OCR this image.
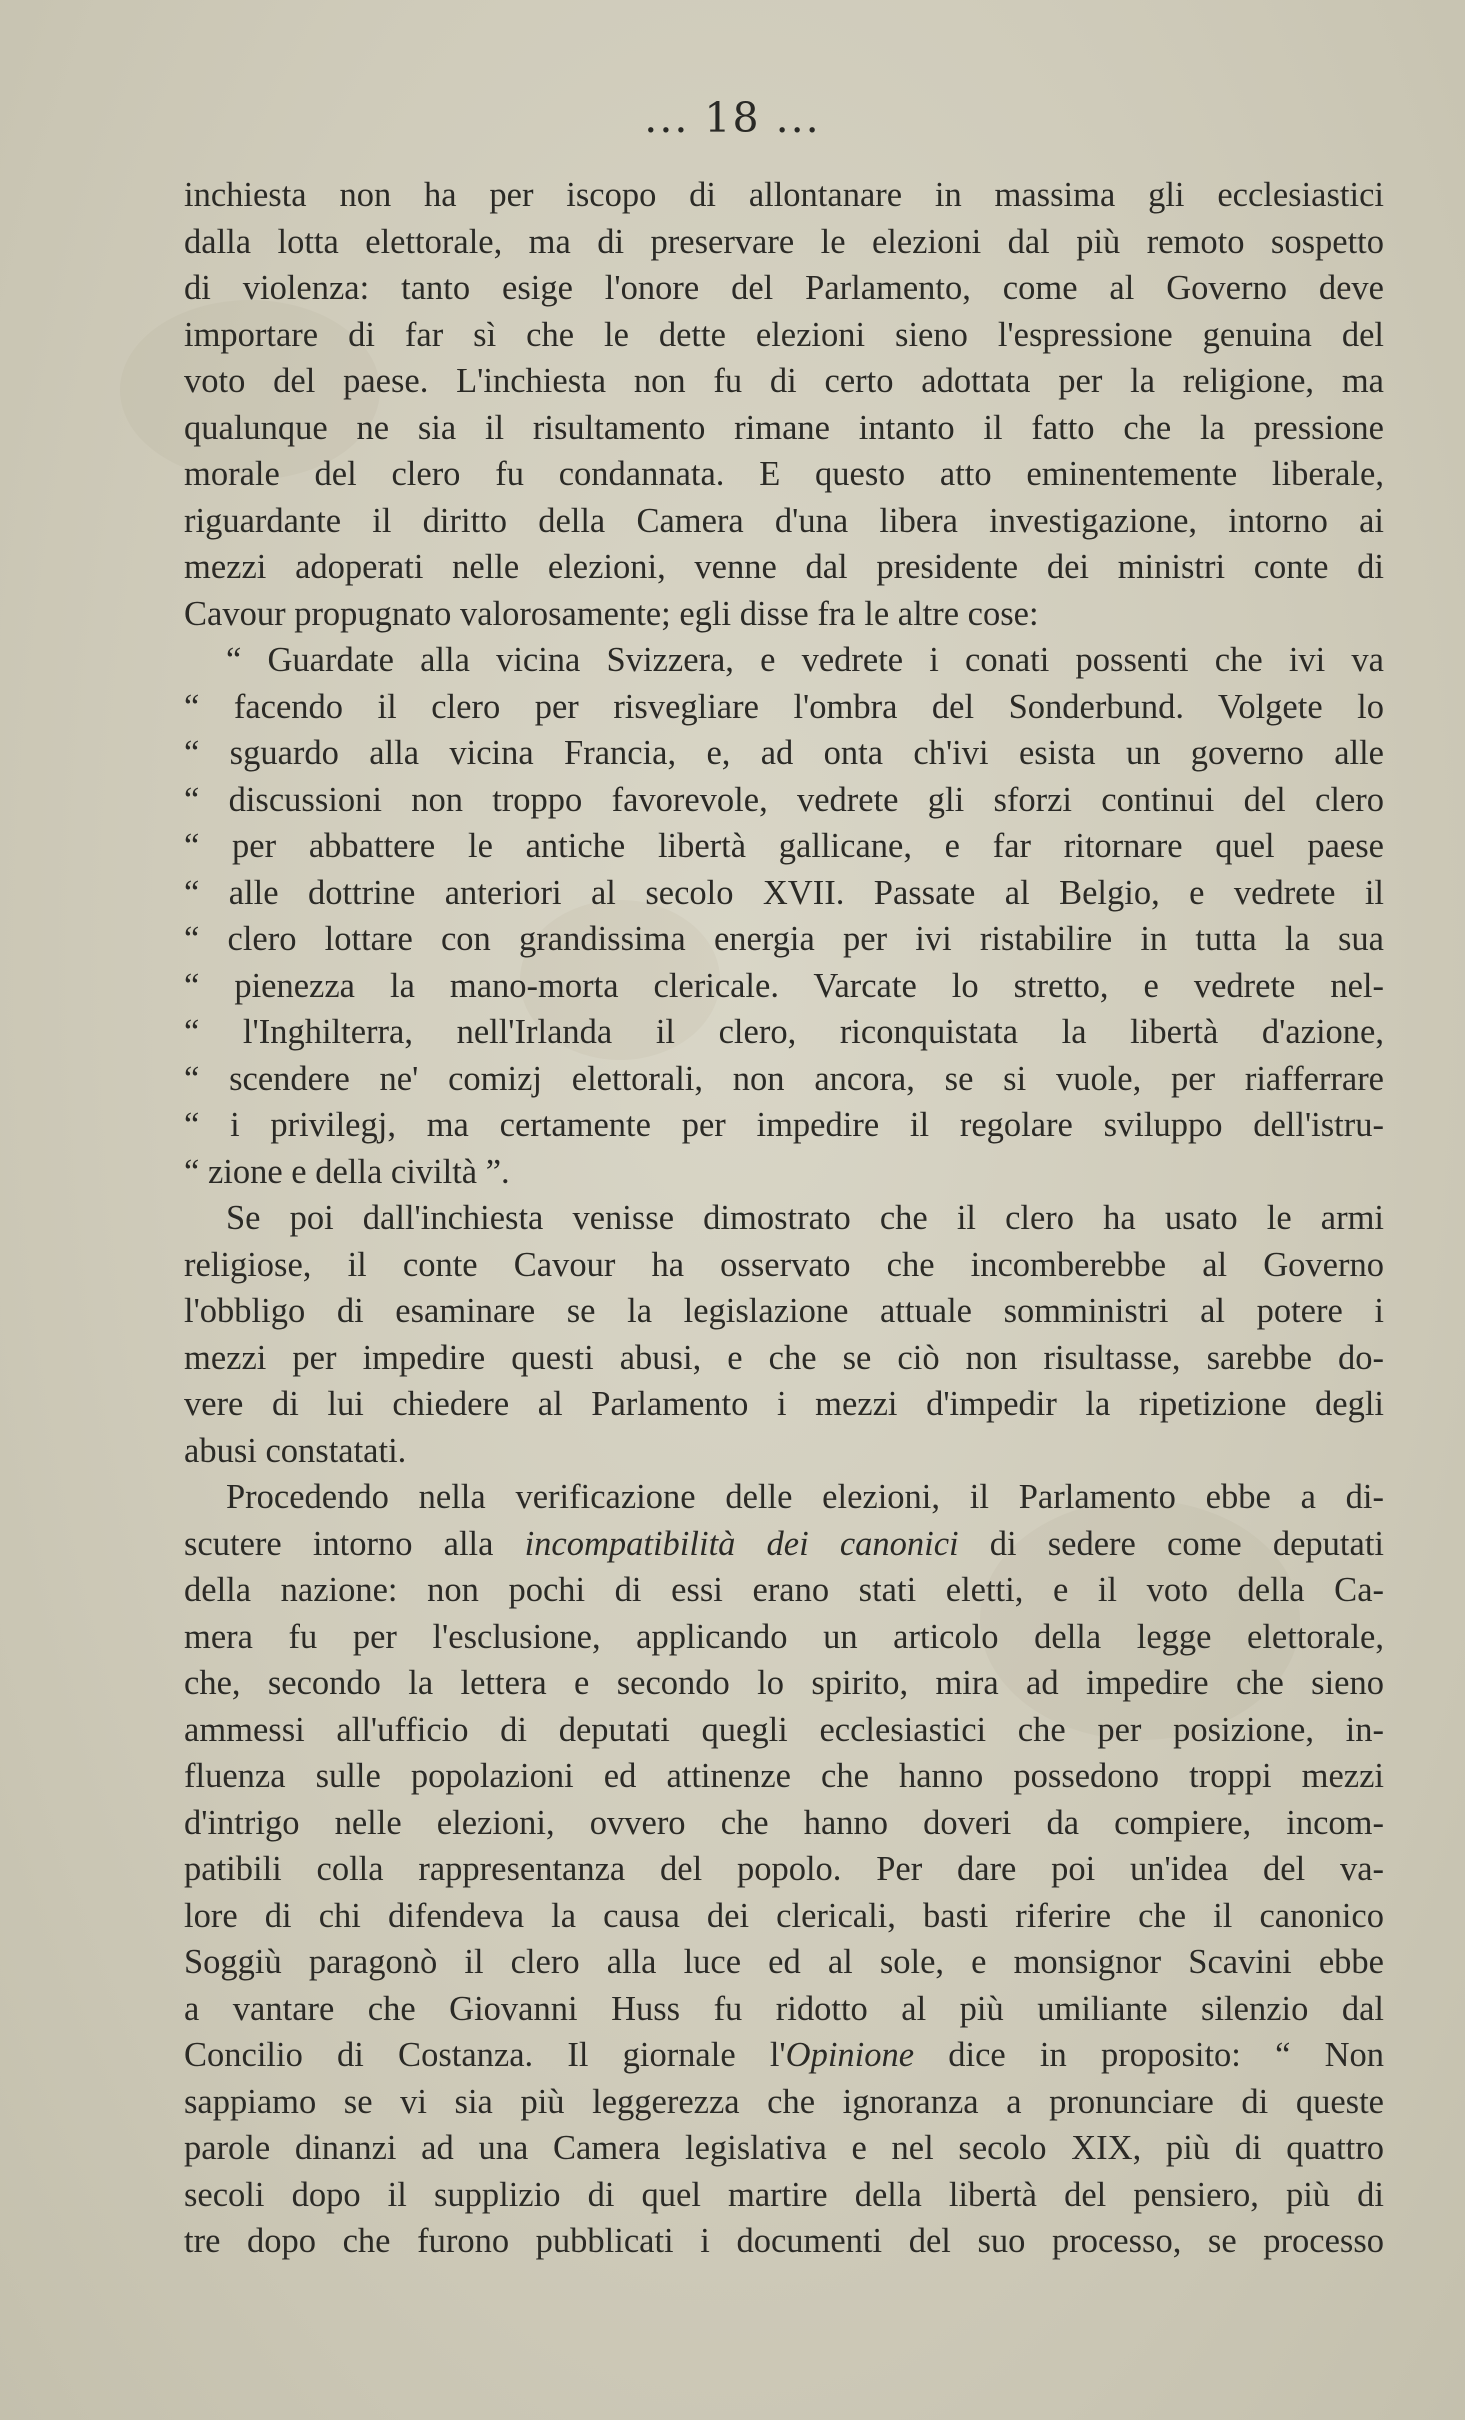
... 18 ...
inchiesta non ha per iscopo di allontanare in massima gli ecclesiastici
dalla lotta elettorale, ma di preservare le elezioni dal più remoto sospetto
di violenza: tanto esige l'onore del Parlamento, come al Governo deve
importare di far sì che le dette elezioni sieno l'espressione genuina del
voto del paese. L'inchiesta non fu di certo adottata per la religione, ma
qualunque ne sia il risultamento rimane intanto il fatto che la pressione
morale del clero fu condannata. E questo atto eminentemente liberale,
riguardante il diritto della Camera d'una libera investigazione, intorno ai
mezzi adoperati nelle elezioni, venne dal presidente dei ministri conte di
Cavour propugnato valorosamente; egli disse fra le altre cose:
“ Guardate alla vicina Svizzera, e vedrete i conati possenti che ivi va
“ facendo il clero per risvegliare l'ombra del Sonderbund. Volgete lo
“ sguardo alla vicina Francia, e, ad onta ch'ivi esista un governo alle
“ discussioni non troppo favorevole, vedrete gli sforzi continui del clero
“ per abbattere le antiche libertà gallicane, e far ritornare quel paese
“ alle dottrine anteriori al secolo XVII. Passate al Belgio, e vedrete il
“ clero lottare con grandissima energia per ivi ristabilire in tutta la sua
“ pienezza la mano-morta clericale. Varcate lo stretto, e vedrete nel-
“ l'Inghilterra, nell'Irlanda il clero, riconquistata la libertà d'azione,
“ scendere ne' comizj elettorali, non ancora, se si vuole, per riafferrare
“ i privilegj, ma certamente per impedire il regolare sviluppo dell'istru-
“ zione e della civiltà ”.
Se poi dall'inchiesta venisse dimostrato che il clero ha usato le armi
religiose, il conte Cavour ha osservato che incomberebbe al Governo
l'obbligo di esaminare se la legislazione attuale somministri al potere i
mezzi per impedire questi abusi, e che se ciò non risultasse, sarebbe do-
vere di lui chiedere al Parlamento i mezzi d'impedir la ripetizione degli
abusi constatati.
Procedendo nella verificazione delle elezioni, il Parlamento ebbe a di-
scutere intorno alla incompatibilità dei canonici di sedere come deputati
della nazione: non pochi di essi erano stati eletti, e il voto della Ca-
mera fu per l'esclusione, applicando un articolo della legge elettorale,
che, secondo la lettera e secondo lo spirito, mira ad impedire che sieno
ammessi all'ufficio di deputati quegli ecclesiastici che per posizione, in-
fluenza sulle popolazioni ed attinenze che hanno possedono troppi mezzi
d'intrigo nelle elezioni, ovvero che hanno doveri da compiere, incom-
patibili colla rappresentanza del popolo. Per dare poi un'idea del va-
lore di chi difendeva la causa dei clericali, basti riferire che il canonico
Soggiù paragonò il clero alla luce ed al sole, e monsignor Scavini ebbe
a vantare che Giovanni Huss fu ridotto al più umiliante silenzio dal
Concilio di Costanza. Il giornale l'Opinione dice in proposito: “ Non
sappiamo se vi sia più leggerezza che ignoranza a pronunciare di queste
parole dinanzi ad una Camera legislativa e nel secolo XIX, più di quattro
secoli dopo il supplizio di quel martire della libertà del pensiero, più di
tre dopo che furono pubblicati i documenti del suo processo, se processo
